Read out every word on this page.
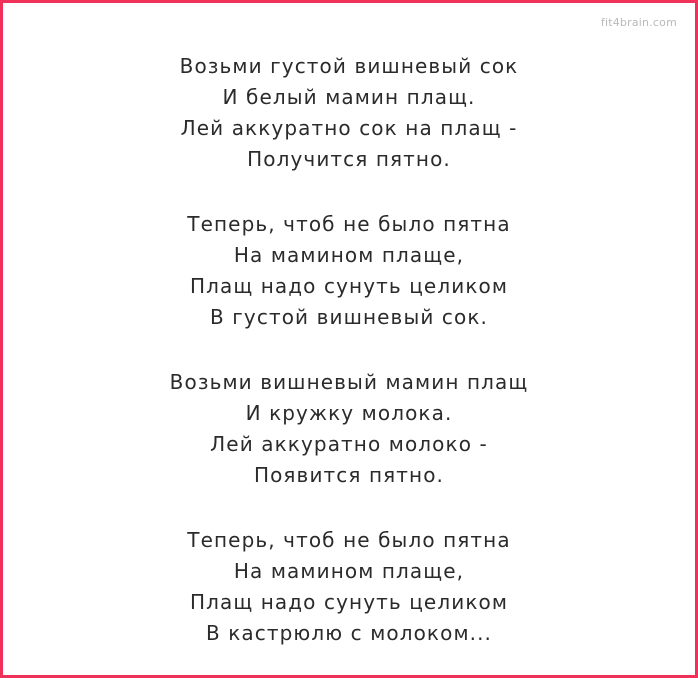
fit4brain.com
Возьми густой вишневый сок
И белый мамин плащ.
Лей аккуратно сок на плащ -
Получится пятно.
Теперь, чтоб не было пятна
На мамином плаще,
Плащ надо сунуть целиком
В густой вишневый сок.
Возьми вишневый мамин плащ
И кружку молока.
Лей аккуратно молоко -
Появится пятно.
Теперь, чтоб не было пятна
На мамином плаще,
Плащ надо сунуть целиком
В кастрюлю с молоком...
